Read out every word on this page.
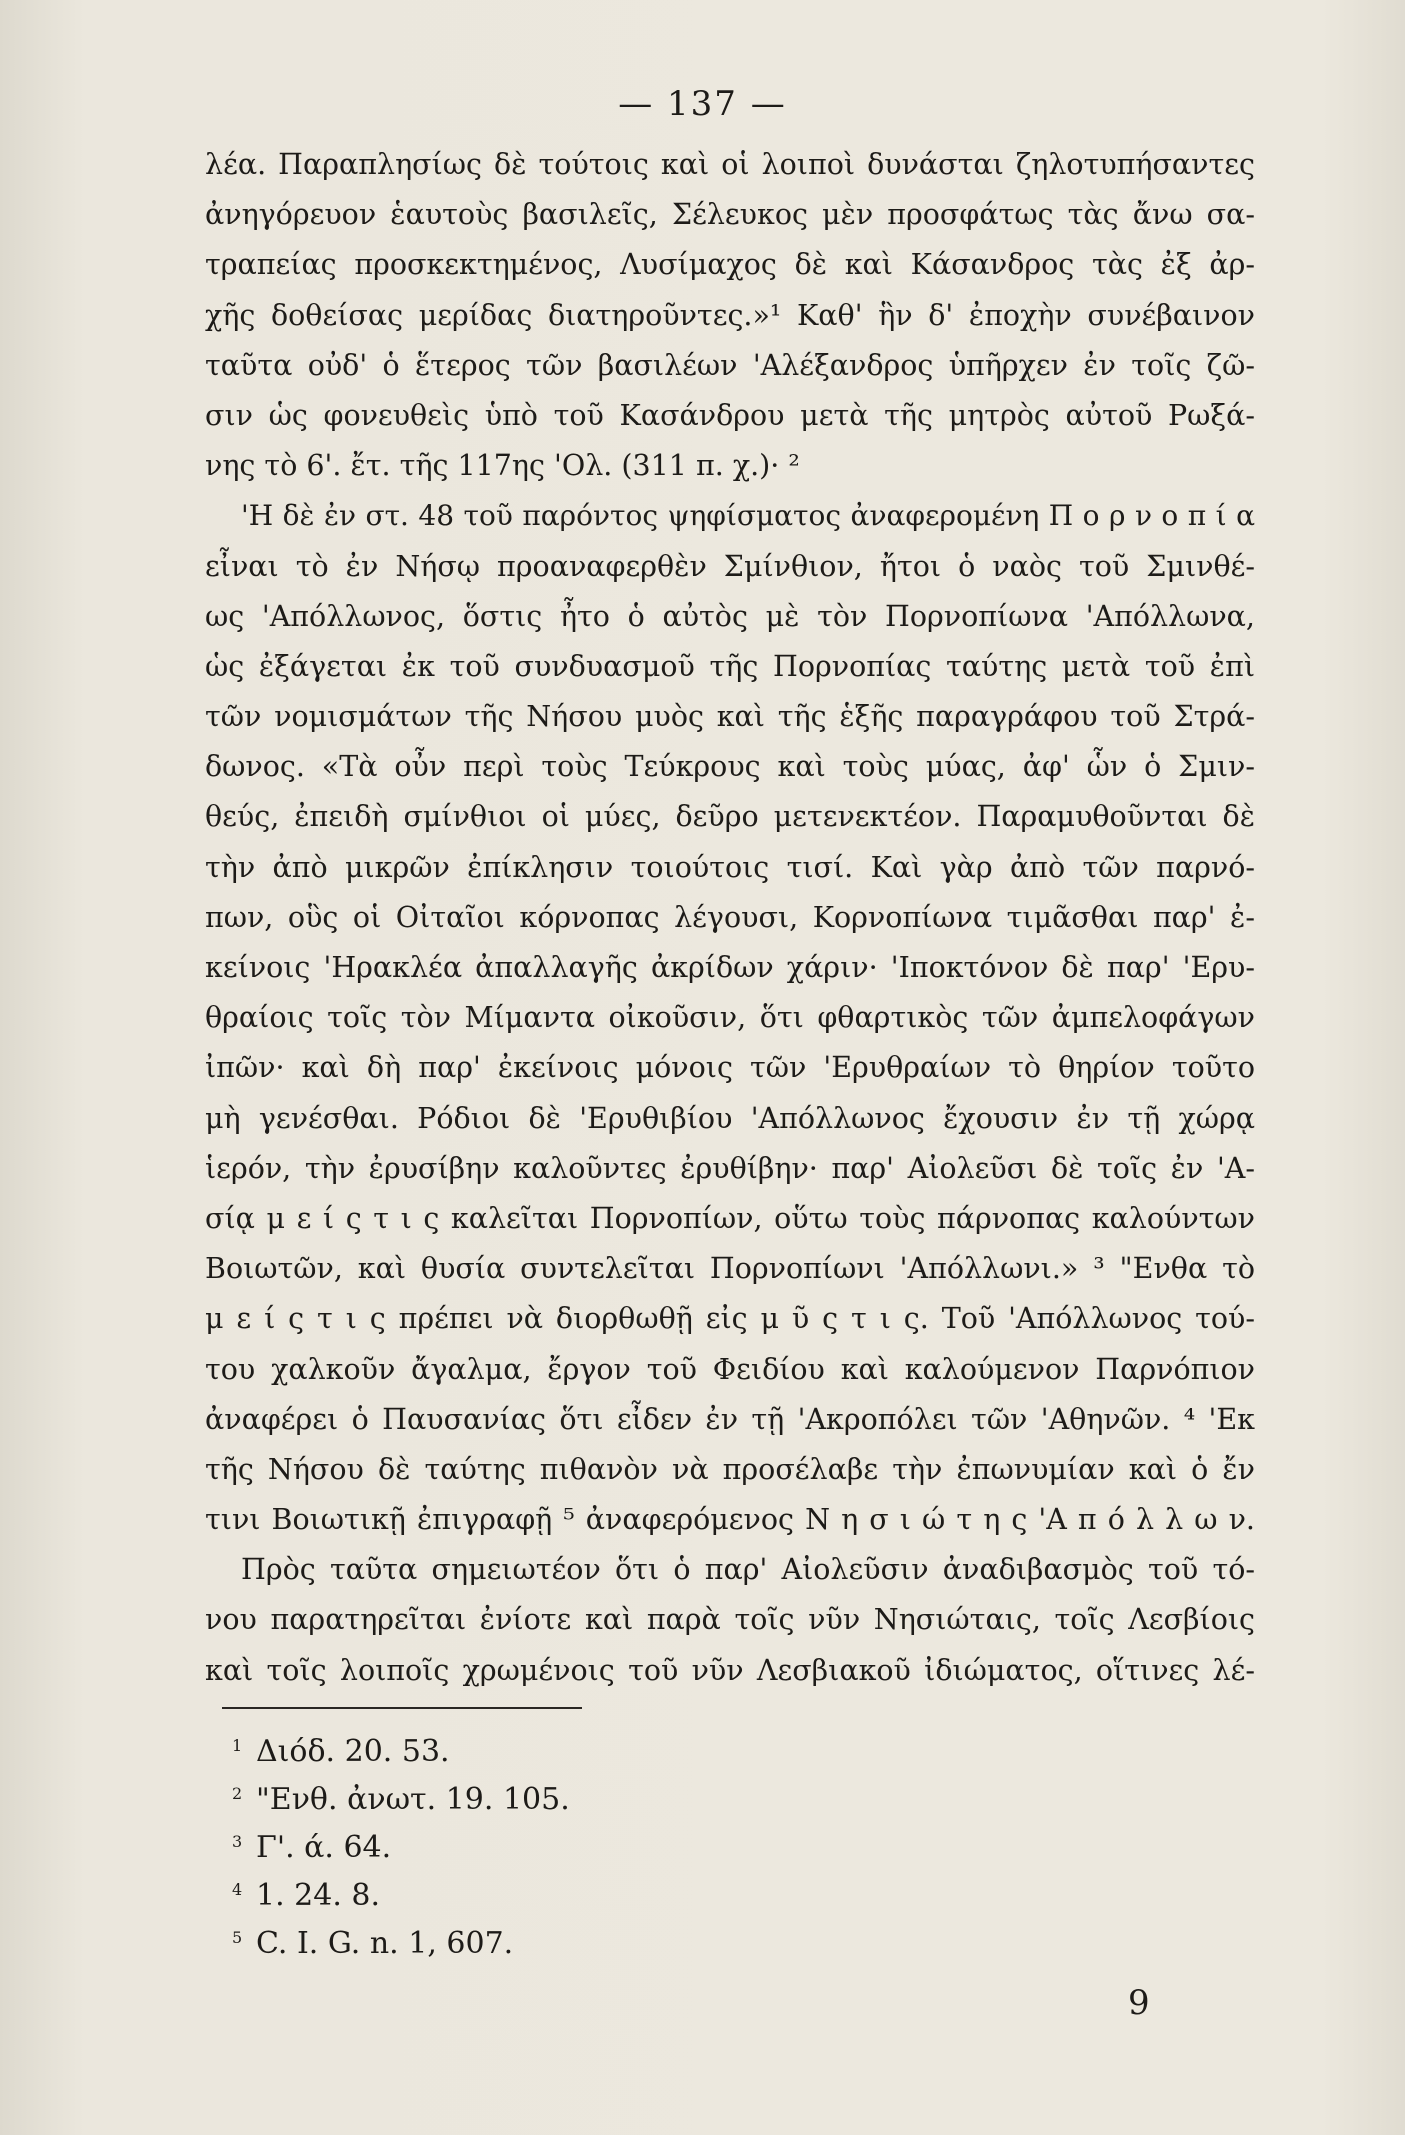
— 137 —
λέα. Παραπλησίως δὲ τούτοις καὶ οἱ λοιποὶ δυνάσται ζηλοτυπήσαντες
ἀνηγόρευον ἑαυτοὺς βασιλεῖς, Σέλευκος μὲν προσφάτως τὰς ἄνω σα-
τραπείας προσκεκτημένος, Λυσίμαχος δὲ καὶ Κάσανδρος τὰς ἐξ ἀρ-
χῆς δοθείσας μερίδας διατηροῦντες.»¹ Καθ' ἣν δ' ἐποχὴν συνέβαινον
ταῦτα οὐδ' ὁ ἕτερος τῶν βασιλέων 'Αλέξανδρος ὑπῆρχεν ἐν τοῖς ζῶ-
σιν ὡς φονευθεὶς ὑπὸ τοῦ Κασάνδρου μετὰ τῆς μητρὸς αὐτοῦ Ρωξά-
νης τὸ 6'. ἔτ. τῆς 117ης 'Ολ. (311 π. χ.)· ²
'Η δὲ ἐν στ. 48 τοῦ παρόντος ψηφίσματος ἀναφερομένη Π ο ρ ν ο π ί α
εἶναι τὸ ἐν Νήσῳ προαναφερθὲν Σμίνθιον, ἤτοι ὁ ναὸς τοῦ Σμινθέ-
ως 'Απόλλωνος, ὅστις ἦτο ὁ αὐτὸς μὲ τὸν Πορνοπίωνα 'Απόλλωνα,
ὡς ἐξάγεται ἐκ τοῦ συνδυασμοῦ τῆς Πορνοπίας ταύτης μετὰ τοῦ ἐπὶ
τῶν νομισμάτων τῆς Νήσου μυὸς καὶ τῆς ἑξῆς παραγράφου τοῦ Στρά-
δωνος. «Τὰ οὖν περὶ τοὺς Τεύκρους καὶ τοὺς μύας, ἀφ' ὧν ὁ Σμιν-
θεύς, ἐπειδὴ σμίνθιοι οἱ μύες, δεῦρο μετενεκτέον. Παραμυθοῦνται δὲ
τὴν ἀπὸ μικρῶν ἐπίκλησιν τοιούτοις τισί. Καὶ γὰρ ἀπὸ τῶν παρνό-
πων, οὓς οἱ Οἰταῖοι κόρνοπας λέγουσι, Κορνοπίωνα τιμᾶσθαι παρ' ἐ-
κείνοις 'Ηρακλέα ἀπαλλαγῆς ἀκρίδων χάριν· 'Ιποκτόνον δὲ παρ' 'Ερυ-
θραίοις τοῖς τὸν Μίμαντα οἰκοῦσιν, ὅτι φθαρτικὸς τῶν ἀμπελοφάγων
ἰπῶν· καὶ δὴ παρ' ἐκείνοις μόνοις τῶν 'Ερυθραίων τὸ θηρίον τοῦτο
μὴ γενέσθαι. Ρόδιοι δὲ 'Ερυθιβίου 'Απόλλωνος ἔχουσιν ἐν τῇ χώρᾳ
ἱερόν, τὴν ἐρυσίβην καλοῦντες ἐρυθίβην· παρ' Αἰολεῦσι δὲ τοῖς ἐν 'Α-
σίᾳ μ ε ί ς τ ι ς καλεῖται Πορνοπίων, οὕτω τοὺς πάρνοπας καλούντων
Βοιωτῶν, καὶ θυσία συντελεῖται Πορνοπίωνι 'Απόλλωνι.» ³ "Ενθα τὸ
μ ε ί ς τ ι ς πρέπει νὰ διορθωθῇ εἰς μ ῦ ς τ ι ς. Τοῦ 'Απόλλωνος τού-
του χαλκοῦν ἄγαλμα, ἔργον τοῦ Φειδίου καὶ καλούμενον Παρνόπιον
ἀναφέρει ὁ Παυσανίας ὅτι εἶδεν ἐν τῇ 'Ακροπόλει τῶν 'Αθηνῶν. ⁴ 'Εκ
τῆς Νήσου δὲ ταύτης πιθανὸν νὰ προσέλαβε τὴν ἐπωνυμίαν καὶ ὁ ἔν
τινι Βοιωτικῇ ἐπιγραφῇ ⁵ ἀναφερόμενος Ν η σ ι ώ τ η ς 'Α π ό λ λ ω ν.
Πρὸς ταῦτα σημειωτέον ὅτι ὁ παρ' Αἰολεῦσιν ἀναδιβασμὸς τοῦ τό-
νου παρατηρεῖται ἐνίοτε καὶ παρὰ τοῖς νῦν Νησιώταις, τοῖς Λεσβίοις
καὶ τοῖς λοιποῖς χρωμένοις τοῦ νῦν Λεσβιακοῦ ἰδιώματος, οἵτινες λέ-
1 Διόδ. 20. 53.
2 "Ενθ. ἀνωτ. 19. 105.
3 Γ'. ά. 64.
4 1. 24. 8.
5 C. I. G. n. 1, 607.
9
